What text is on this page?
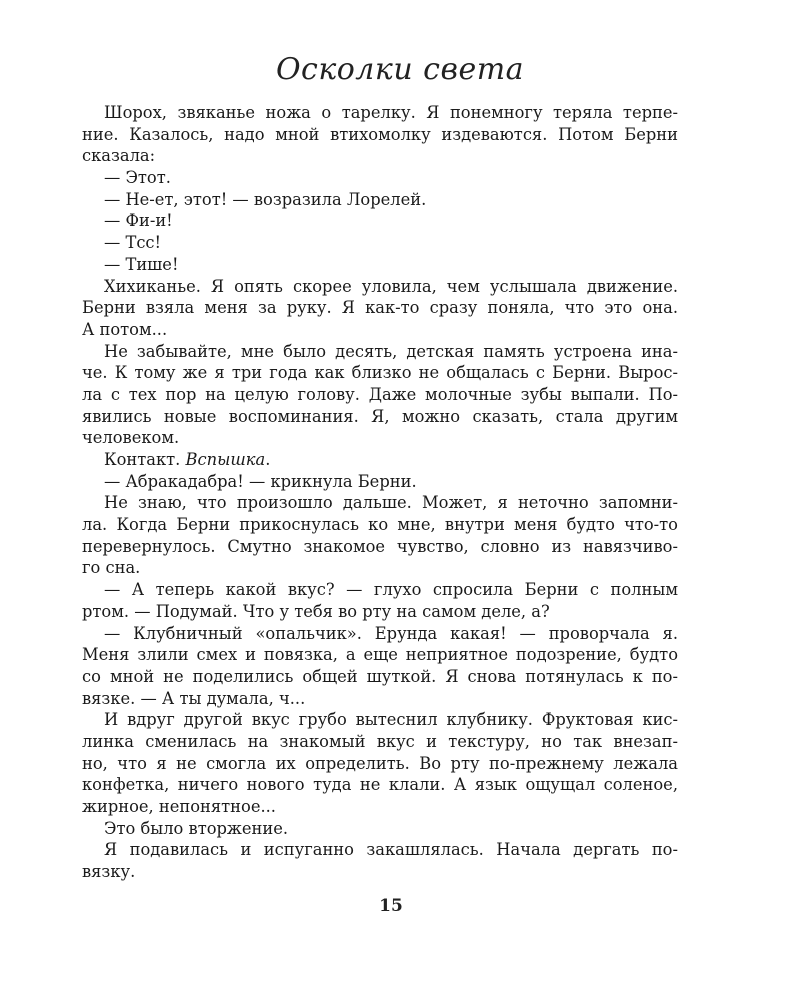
Осколки света
Шорох, звяканье ножа о тарелку. Я понемногу теряла терпе-
ние. Казалось, надо мной втихомолку издеваются. Потом Берни
сказала:
— Этот.
— Не-ет, этот! — возразила Лорелей.
— Фи-и!
— Тсс!
— Тише!
Хихиканье. Я опять скорее уловила, чем услышала движение.
Берни взяла меня за руку. Я как-то сразу поняла, что это она.
А потом...
Не забывайте, мне было десять, детская память устроена ина-
че. К тому же я три года как близко не общалась с Берни. Вырос-
ла с тех пор на целую голову. Даже молочные зубы выпали. По-
явились новые воспоминания. Я, можно сказать, стала другим
человеком.
Контакт. Вспышка.
— Абракадабра! — крикнула Берни.
Не знаю, что произошло дальше. Может, я неточно запомни-
ла. Когда Берни прикоснулась ко мне, внутри меня будто что-то
перевернулось. Смутно знакомое чувство, словно из навязчиво-
го сна.
— А теперь какой вкус? — глухо спросила Берни с полным
ртом. — Подумай. Что у тебя во рту на самом деле, а?
— Клубничный «опальчик». Ерунда какая! — проворчала я.
Меня злили смех и повязка, а еще неприятное подозрение, будто
со мной не поделились общей шуткой. Я снова потянулась к по-
вязке. — А ты думала, ч...
И вдруг другой вкус грубо вытеснил клубнику. Фруктовая кис-
линка сменилась на знакомый вкус и текстуру, но так внезап-
но, что я не смогла их определить. Во рту по-прежнему лежала
конфетка, ничего нового туда не клали. А язык ощущал соленое,
жирное, непонятное...
Это было вторжение.
Я подавилась и испуганно закашлялась. Начала дергать по-
вязку.
15
